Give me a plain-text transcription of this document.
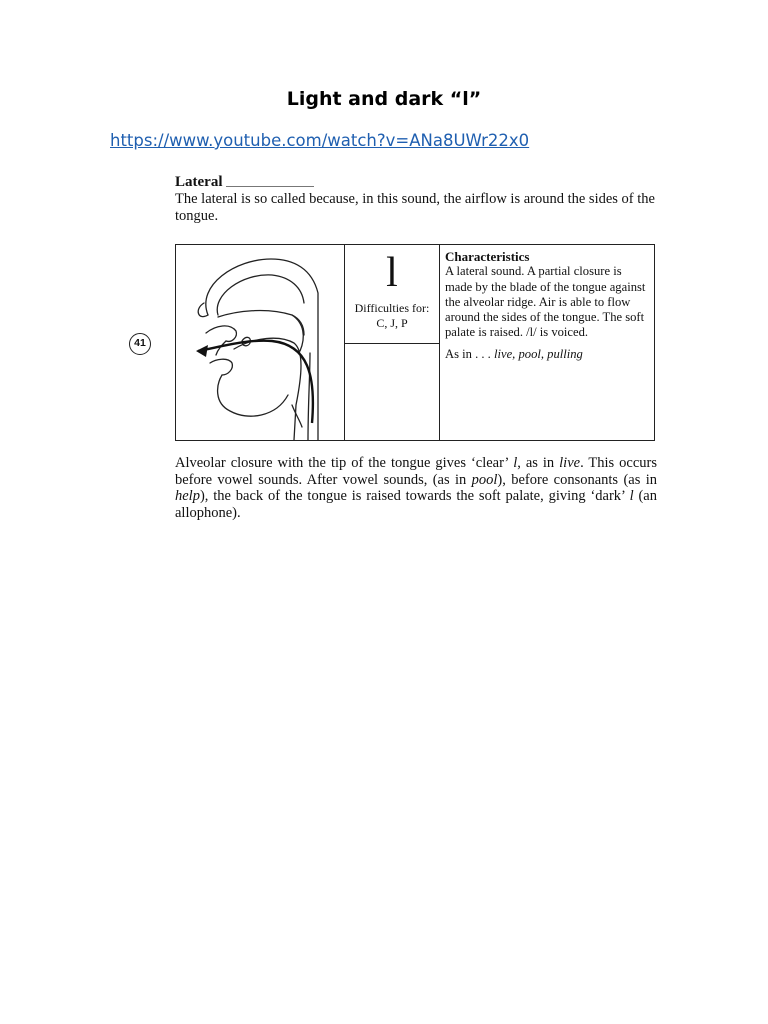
Light and dark “l”
https://www.youtube.com/watch?v=ANa8UWr22x0
Lateral
The lateral is so called because, in this sound, the airflow is around the sides of the tongue.
41
l
Difficulties for:
C, J, P
Characteristics
A lateral sound. A partial closure is made by the blade of the tongue against the alveolar ridge. Air is able to flow around the sides of the tongue. The soft palate is raised. /l/ is voiced.
As in . . . live, pool, pulling
Alveolar closure with the tip of the tongue gives ‘clear’ l, as in live. This occurs before vowel sounds. After vowel sounds, (as in pool), before consonants (as in help), the back of the tongue is raised towards the soft palate, giving ‘dark’ l (an allophone).
